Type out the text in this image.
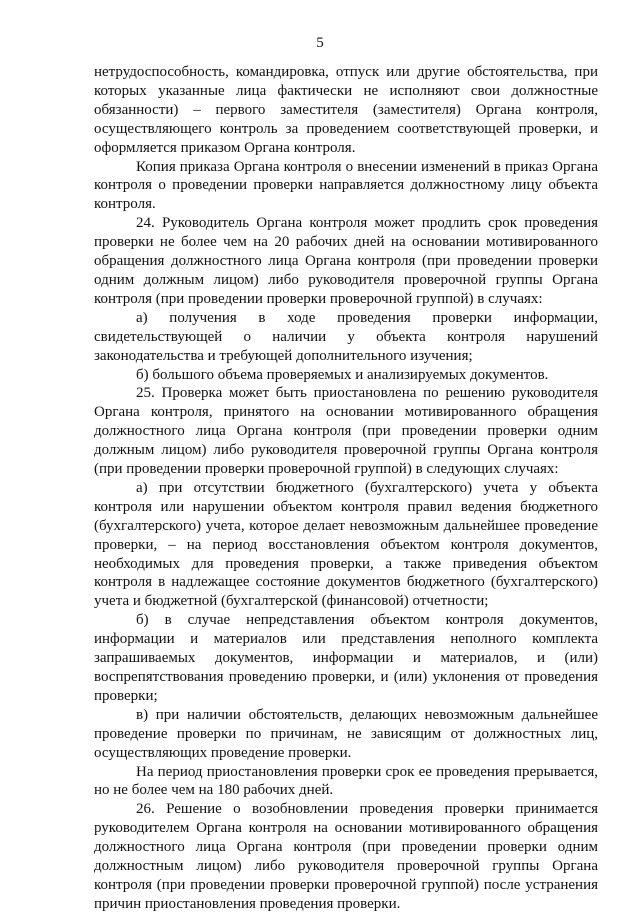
5

нетрудоспособность, командировка, отпуск или другие обстоятельства, при которых указанные лица фактически не исполняют свои должностные обязанности) – первого заместителя (заместителя) Органа контроля, осуществляющего контроль за проведением соответствующей проверки, и оформляется приказом Органа контроля.

Копия приказа Органа контроля о внесении изменений в приказ Органа контроля о проведении проверки направляется должностному лицу объекта контроля.

24. Руководитель Органа контроля может продлить срок проведения проверки не более чем на 20 рабочих дней на основании мотивированного обращения должностного лица Органа контроля (при проведении проверки одним должным лицом) либо руководителя проверочной группы Органа контроля (при проведении проверки проверочной группой) в случаях:

а) получения в ходе проведения проверки информации, свидетельствующей о наличии у объекта контроля нарушений законодательства и требующей дополнительного изучения;

б) большого объема проверяемых и анализируемых документов.

25. Проверка может быть приостановлена по решению руководителя Органа контроля, принятого на основании мотивированного обращения должностного лица Органа контроля (при проведении проверки одним должным лицом) либо руководителя проверочной группы Органа контроля (при проведении проверки проверочной группой) в следующих случаях:

а) при отсутствии бюджетного (бухгалтерского) учета у объекта контроля или нарушении объектом контроля правил ведения бюджетного (бухгалтерского) учета, которое делает невозможным дальнейшее проведение проверки, – на период восстановления объектом контроля документов, необходимых для проведения проверки, а также приведения объектом контроля в надлежащее состояние документов бюджетного (бухгалтерского) учета и бюджетной (бухгалтерской (финансовой) отчетности;

б) в случае непредставления объектом контроля документов, информации и материалов или представления неполного комплекта запрашиваемых документов, информации и материалов, и (или) воспрепятствования проведению проверки, и (или) уклонения от проведения проверки;

в) при наличии обстоятельств, делающих невозможным дальнейшее проведение проверки по причинам, не зависящим от должностных лиц, осуществляющих проведение проверки.

На период приостановления проверки срок ее проведения прерывается, но не более чем на 180 рабочих дней.

26. Решение о возобновлении проведения проверки принимается руководителем Органа контроля на основании мотивированного обращения должностного лица Органа контроля (при проведении проверки одним должностным лицом) либо руководителя проверочной группы Органа контроля (при проведении проверки проверочной группой) после устранения причин приостановления проведения проверки.
